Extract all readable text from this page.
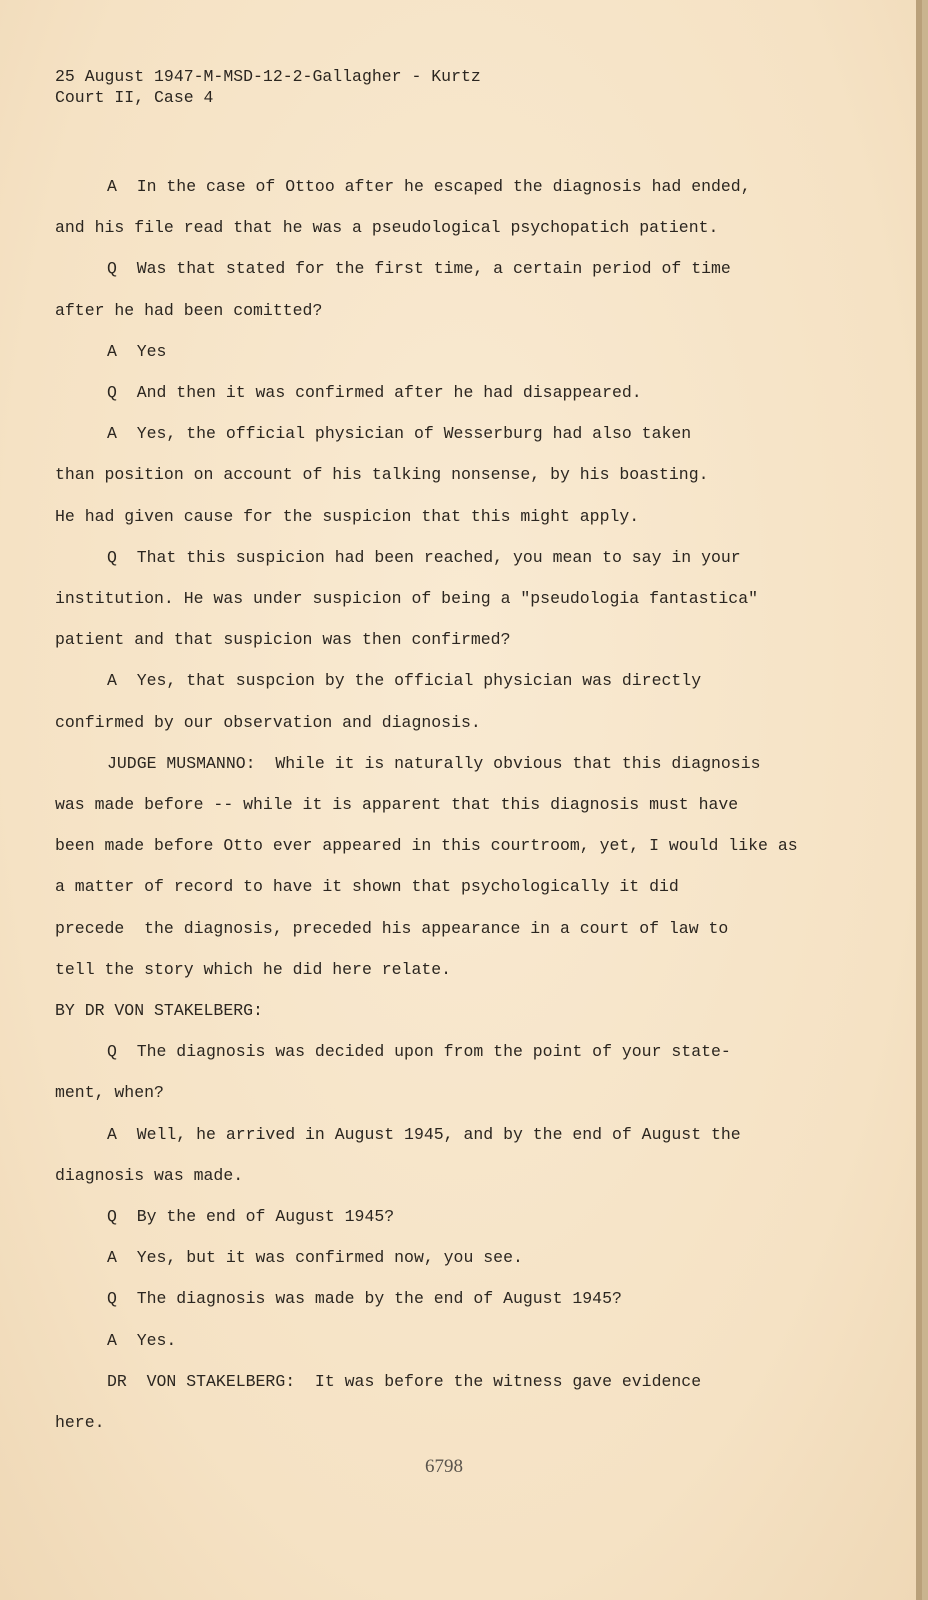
25 August 1947-M-MSD-12-2-Gallagher - Kurtz
Court II, Case 4
A  In the case of Ottoo after he escaped the diagnosis had ended,
and his file read that he was a pseudological psychopatich patient.
Q  Was that stated for the first time, a certain period of time
after he had been comitted?
A  Yes
Q  And then it was confirmed after he had disappeared.
A  Yes, the official physician of Wesserburg had also taken
than position on account of his talking nonsense, by his boasting.
He had given cause for the suspicion that this might apply.
Q  That this suspicion had been reached, you mean to say in your
institution. He was under suspicion of being a "pseudologia fantastica"
patient and that suspicion was then confirmed?
A  Yes, that suspcion by the official physician was directly
confirmed by our observation and diagnosis.
JUDGE MUSMANNO:  While it is naturally obvious that this diagnosis
was made before -- while it is apparent that this diagnosis must have
been made before Otto ever appeared in this courtroom, yet, I would like as
a matter of record to have it shown that psychologically it did
precede  the diagnosis, preceded his appearance in a court of law to
tell the story which he did here relate.
BY DR VON STAKELBERG:
Q  The diagnosis was decided upon from the point of your state-
ment, when?
A  Well, he arrived in August 1945, and by the end of August the
diagnosis was made.
Q  By the end of August 1945?
A  Yes, but it was confirmed now, you see.
Q  The diagnosis was made by the end of August 1945?
A  Yes.
DR  VON STAKELBERG:  It was before the witness gave evidence
here.
6798
